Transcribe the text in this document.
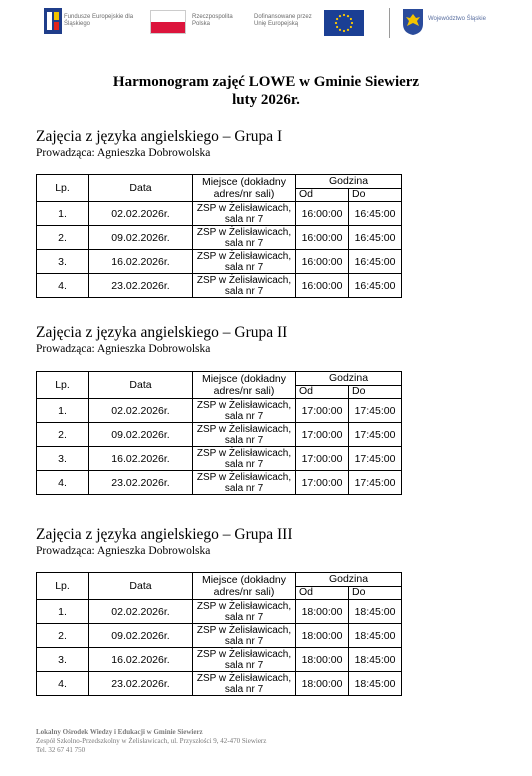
Fundusze Europejskie dla Śląskiego
Rzeczpospolita Polska
Dofinansowane przez Unię Europejską
Województwo Śląskie
Harmonogram zajęć LOWE w Gminie Siewierz
luty 2026r.
Zajęcia z języka angielskiego – Grupa I
Prowadząca: Agnieszka Dobrowolska
Lp.	Data	Miejsce (dokładny
adres/nr sali)	Godzina	
			Od	Do
1.	02.02.2026r.	ZSP w Żelisławicach,
sala nr 7	16:00:00	16:45:00
2.	09.02.2026r.	ZSP w Żelisławicach,
sala nr 7	16:00:00	16:45:00
3.	16.02.2026r.	ZSP w Żelisławicach,
sala nr 7	16:00:00	16:45:00
4.	23.02.2026r.	ZSP w Żelisławicach,
sala nr 7	16:00:00	16:45:00
Zajęcia z języka angielskiego – Grupa II
Prowadząca: Agnieszka Dobrowolska
Lp.	Data	Miejsce (dokładny
adres/nr sali)	Godzina	
			Od	Do
1.	02.02.2026r.	ZSP w Żelisławicach,
sala nr 7	17:00:00	17:45:00
2.	09.02.2026r.	ZSP w Żelisławicach,
sala nr 7	17:00:00	17:45:00
3.	16.02.2026r.	ZSP w Żelisławicach,
sala nr 7	17:00:00	17:45:00
4.	23.02.2026r.	ZSP w Żelisławicach,
sala nr 7	17:00:00	17:45:00
Zajęcia z języka angielskiego – Grupa III
Prowadząca: Agnieszka Dobrowolska
Lp.	Data	Miejsce (dokładny
adres/nr sali)	Godzina	
			Od	Do
1.	02.02.2026r.	ZSP w Żelisławicach,
sala nr 7	18:00:00	18:45:00
2.	09.02.2026r.	ZSP w Żelisławicach,
sala nr 7	18:00:00	18:45:00
3.	16.02.2026r.	ZSP w Żelisławicach,
sala nr 7	18:00:00	18:45:00
4.	23.02.2026r.	ZSP w Żelisławicach,
sala nr 7	18:00:00	18:45:00
Lokalny Ośrodek Wiedzy i Edukacji w Gminie Siewierz
Zespół Szkolno-Przedszkolny w Żelisławicach, ul. Przyszłości 9, 42-470 Siewierz
Tel. 32 67 41 750
